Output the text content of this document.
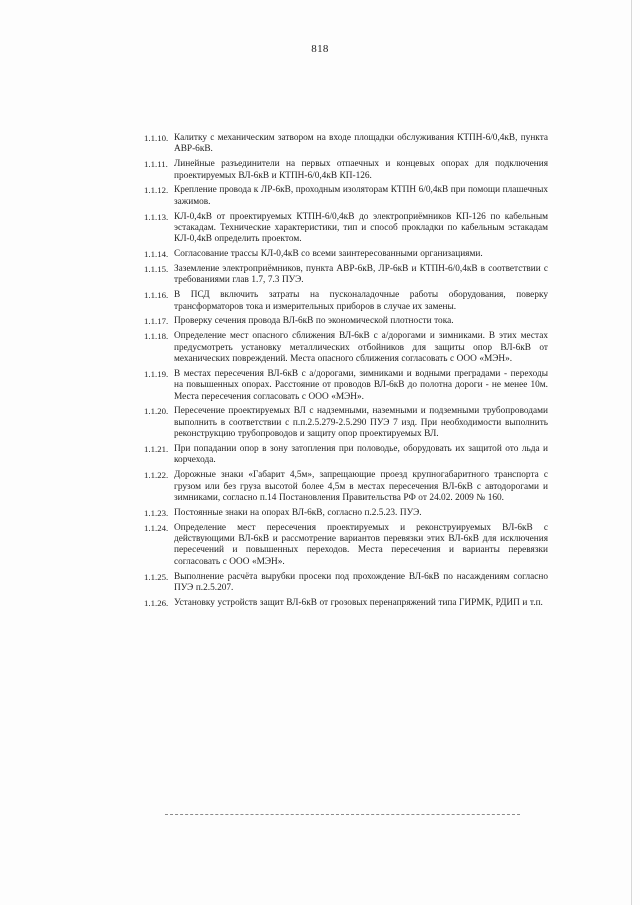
818
1.1.10. Калитку с механическим затвором на входе площадки обслуживания КТПН-6/0,4кВ, пункта АВР-6кВ.
1.1.11. Линейные разъединители на первых отпаечных и концевых опорах для подключения проектируемых ВЛ-6кВ и КТПН-6/0,4кВ КП-126.
1.1.12. Крепление провода к ЛР-6кВ, проходным изоляторам КТПН 6/0,4кВ при помощи плашечных зажимов.
1.1.13. КЛ-0,4кВ от проектируемых КТПН-6/0,4кВ до электроприёмников КП-126 по кабельным эстакадам. Технические характеристики, тип и способ прокладки по кабельным эстакадам КЛ-0,4кВ определить проектом.
1.1.14. Согласование трассы КЛ-0,4кВ со всеми заинтересованными организациями.
1.1.15. Заземление электроприёмников, пункта АВР-6кВ, ЛР-6кВ и КТПН-6/0,4кВ в соответствии с требованиями глав 1.7, 7.3 ПУЭ.
1.1.16. В ПСД включить затраты на пусконаладочные работы оборудования, поверку трансформаторов тока и измерительных приборов в случае их замены.
1.1.17. Проверку сечения провода ВЛ-6кВ по экономической плотности тока.
1.1.18. Определение мест опасного сближения ВЛ-6кВ с а/дорогами и зимниками. В этих местах предусмотреть установку металлических отбойников для защиты опор ВЛ-6кВ от механических повреждений. Места опасного сближения согласовать с ООО «МЭН».
1.1.19. В местах пересечения ВЛ-6кВ с а/дорогами, зимниками и водными преградами - переходы на повышенных опорах. Расстояние от проводов ВЛ-6кВ до полотна дороги - не менее 10м. Места пересечения согласовать с ООО «МЭН».
1.1.20. Пересечение проектируемых ВЛ с надземными, наземными и подземными трубопроводами выполнить в соответствии с п.п.2.5.279-2.5.290 ПУЭ 7 изд. При необходимости выполнить реконструкцию трубопроводов и защиту опор проектируемых ВЛ.
1.1.21. При попадании опор в зону затопления при половодье, оборудовать их защитой ото льда и корчехода.
1.1.22. Дорожные знаки «Габарит 4,5м», запрещающие проезд крупногабаритного транспорта с грузом или без груза высотой более 4,5м в местах пересечения ВЛ-6кВ с автодорогами и зимниками, согласно п.14 Постановления Правительства РФ от 24.02. 2009 № 160.
1.1.23. Постоянные знаки на опорах ВЛ-6кВ, согласно п.2.5.23. ПУЭ.
1.1.24. Определение мест пересечения проектируемых и реконструируемых ВЛ-6кВ с действующими ВЛ-6кВ и рассмотрение вариантов перевязки этих ВЛ-6кВ для исключения пересечений и повышенных переходов. Места пересечения и варианты перевязки согласовать с ООО «МЭН».
1.1.25. Выполнение расчёта вырубки просеки под прохождение ВЛ-6кВ по насаждениям согласно ПУЭ п.2.5.207.
1.1.26. Установку устройств защит ВЛ-6кВ от грозовых перенапряжений типа ГИРМК, РДИП и т.п.
